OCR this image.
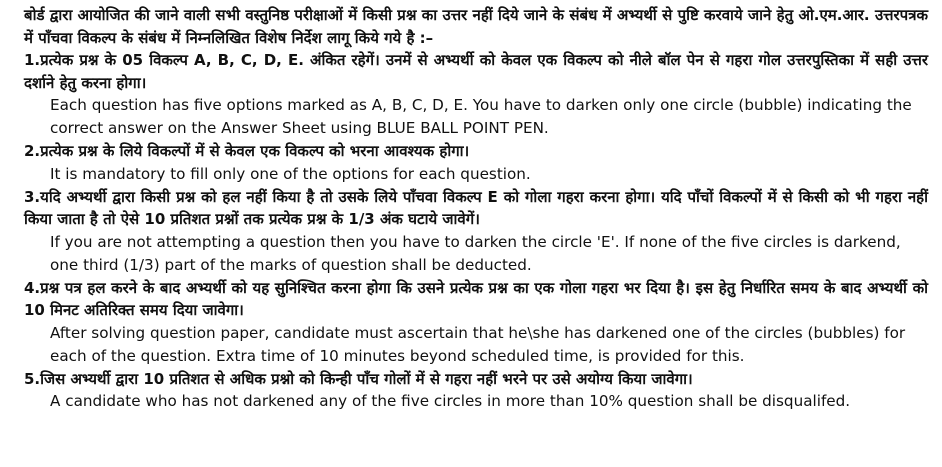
बोर्ड द्वारा आयोजित की जाने वाली सभी वस्तुनिष्ठ परीक्षाओं में किसी प्रश्न का उत्तर नहीं दिये जाने के संबंध में अभ्यर्थी से पुष्टि करवाये जाने हेतु ओ.एम.आर. उत्तरपत्रक में पाँचवा विकल्प के संबंध में निम्नलिखित विशेष निर्देश लागू किये गये है :–

1.प्रत्येक प्रश्न के 05 विकल्प A, B, C, D, E. अंकित रहेगें। उनमें से अभ्यर्थी को केवल एक विकल्प को नीले बॉल पेन से गहरा गोल उत्तरपुस्तिका में सही उत्तर दर्शाने हेतु करना होगा।
Each question has five options marked as A, B, C, D, E. You have to darken only one circle (bubble) indicating the correct answer on the Answer Sheet using BLUE BALL POINT PEN.
2.प्रत्येक प्रश्न के लिये विकल्पों में से केवल एक विकल्प को भरना आवश्यक होगा।
It is mandatory to fill only one of the options for each question.
3.यदि अभ्यर्थी द्वारा किसी प्रश्न को हल नहीं किया है तो उसके लिये पाँचवा विकल्प E को गोला गहरा करना होगा। यदि पाँचों विकल्पों में से किसी को भी गहरा नहीं किया जाता है तो ऐसे 10 प्रतिशत प्रश्नों तक प्रत्येक प्रश्न के 1/3 अंक घटाये जावेगें।
If you are not attempting a question then you have to darken the circle 'E'. If none of the five circles is darkend, one third (1/3) part of the marks of question shall be deducted.
4.प्रश्न पत्र हल करने के बाद अभ्यर्थी को यह सुनिश्चित करना होगा कि उसने प्रत्येक प्रश्न का एक गोला गहरा भर दिया है। इस हेतु निर्धारित समय के बाद अभ्यर्थी को 10 मिनट अतिरिक्त समय दिया जावेगा।
After solving question paper, candidate must ascertain that he\she has darkened one of the circles (bubbles) for each of the question. Extra time of 10 minutes beyond scheduled time, is provided for this.
5.जिस अभ्यर्थी द्वारा 10 प्रतिशत से अधिक प्रश्नो को किन्ही पाँच गोलों में से गहरा नहीं भरने पर उसे अयोग्य किया जावेगा।
A candidate who has not darkened any of the five circles in more than 10% question shall be disqualifed.
